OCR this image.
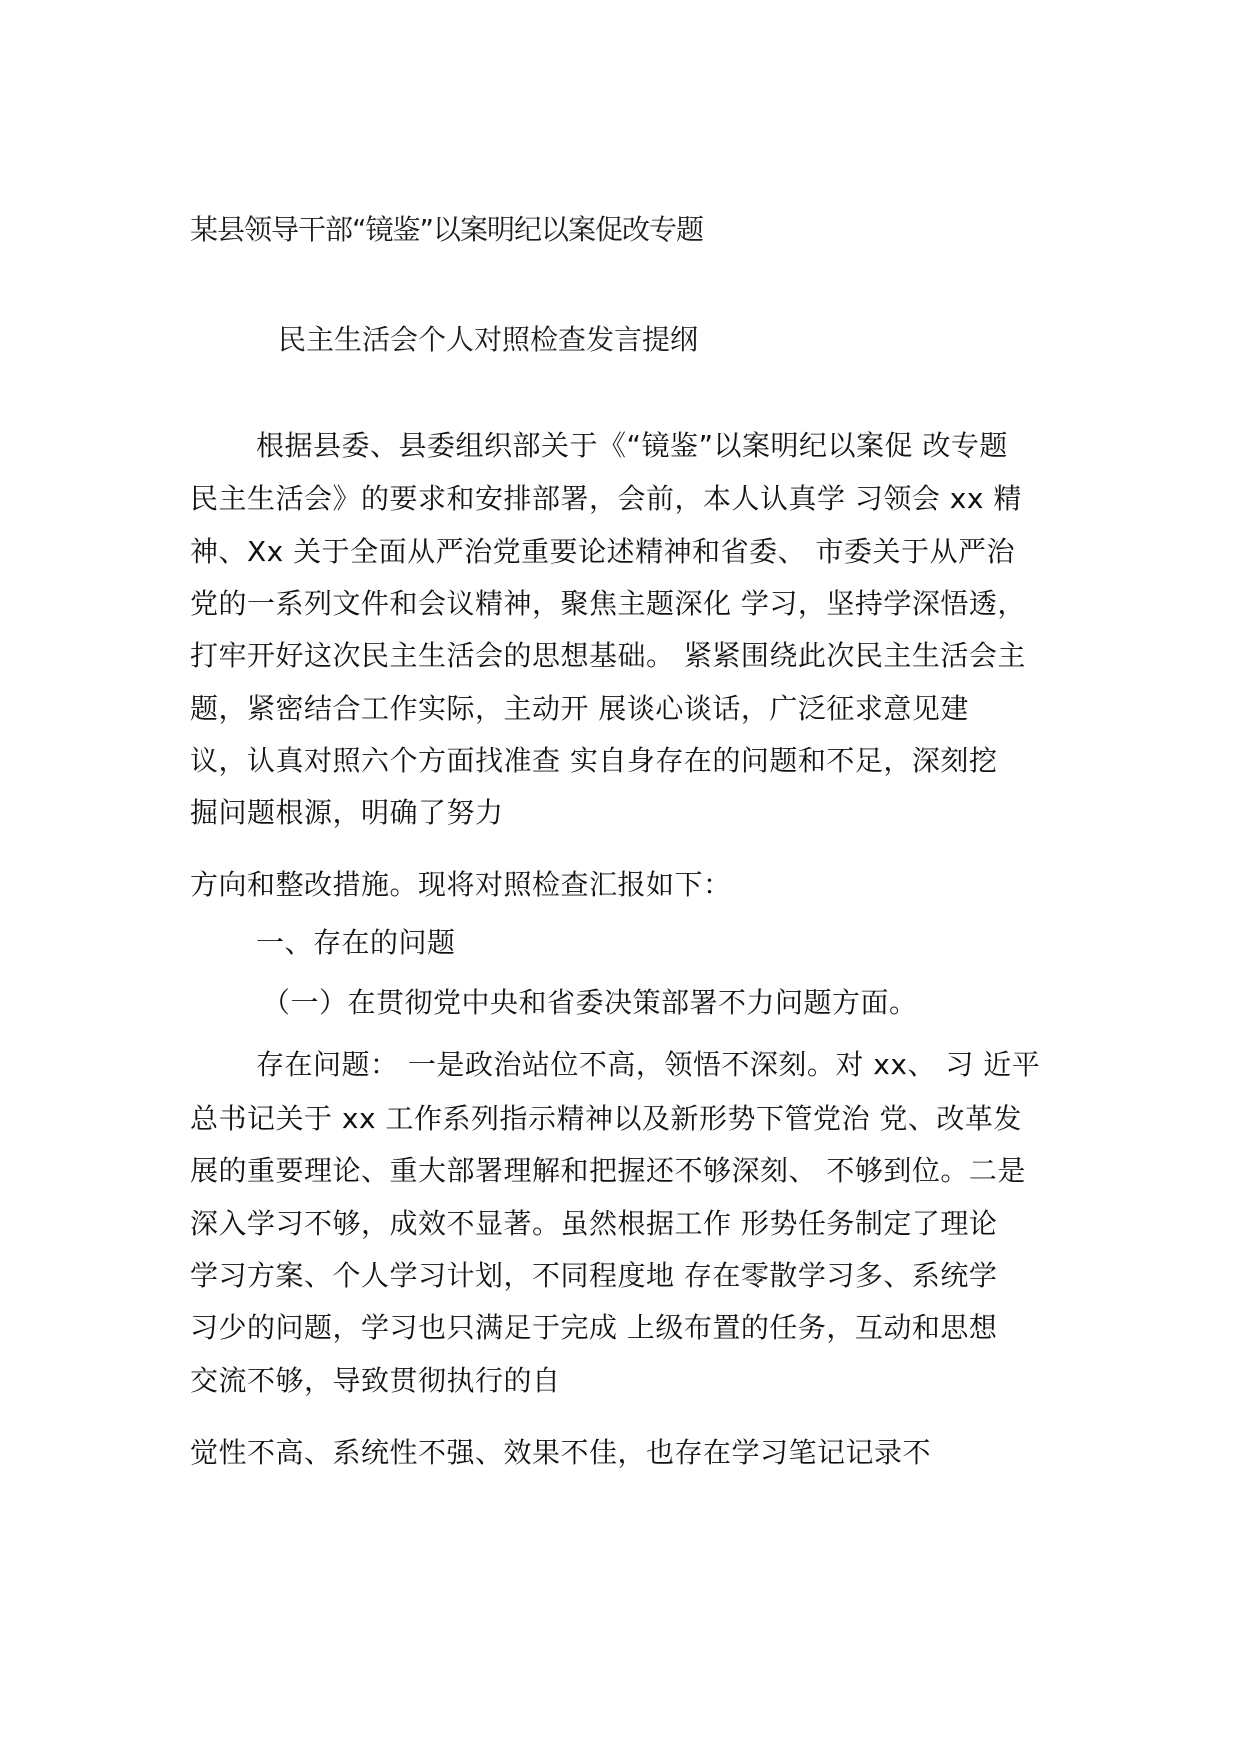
某县领导干部“镜鉴”以案明纪以案促改专题
民主生活会个人对照检查发言提纲
根据县委、县委组织部关于《“镜鉴”以案明纪以案促 改专题
民主生活会》的要求和安排部署，会前，本人认真学 习领会 xx 精
神、Xx 关于全面从严治党重要论述精神和省委、 市委关于从严治
党的一系列文件和会议精神，聚焦主题深化 学习，坚持学深悟透，
打牢开好这次民主生活会的思想基础。 紧紧围绕此次民主生活会主
题，紧密结合工作实际，主动开 展谈心谈话，广泛征求意见建
议，认真对照六个方面找准查 实自身存在的问题和不足，深刻挖
掘问题根源，明确了努力
方向和整改措施。现将对照检查汇报如下：
一、存在的问题
（一）在贯彻党中央和省委决策部署不力问题方面。
存在问题： 一是政治站位不高，领悟不深刻。对 xx、 习 近平
总书记关于 xx 工作系列指示精神以及新形势下管党治 党、改革发
展的重要理论、重大部署理解和把握还不够深刻、 不够到位。二是
深入学习不够，成效不显著。虽然根据工作 形势任务制定了理论
学习方案、个人学习计划，不同程度地 存在零散学习多、系统学
习少的问题，学习也只满足于完成 上级布置的任务，互动和思想
交流不够，导致贯彻执行的自
觉性不高、系统性不强、效果不佳，也存在学习笔记记录不
